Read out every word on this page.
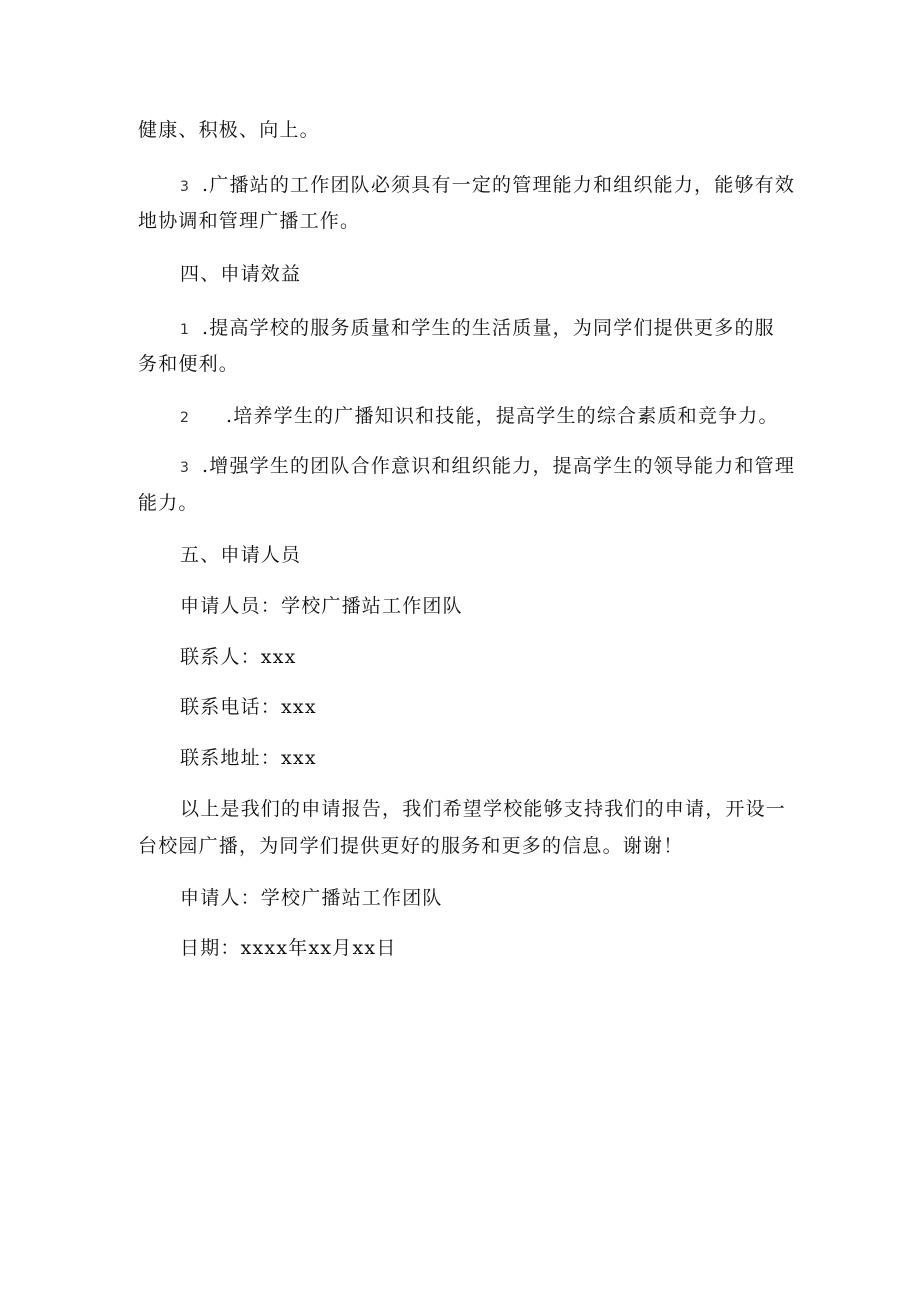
健康、积极、向上。
3 .广播站的工作团队必须具有一定的管理能力和组织能力，能够有效
地协调和管理广播工作。
四、申请效益
1 .提高学校的服务质量和学生的生活质量，为同学们提供更多的服
务和便利。
2 .培养学生的广播知识和技能，提高学生的综合素质和竞争力。
3 .增强学生的团队合作意识和组织能力，提高学生的领导能力和管理
能力。
五、申请人员
申请人员：学校广播站工作团队
联系人：xxx
联系电话：xxx
联系地址：xxx
以上是我们的申请报告，我们希望学校能够支持我们的申请，开设一
台校园广播，为同学们提供更好的服务和更多的信息。谢谢！
申请人：学校广播站工作团队
日期：xxxx年xx月xx日
